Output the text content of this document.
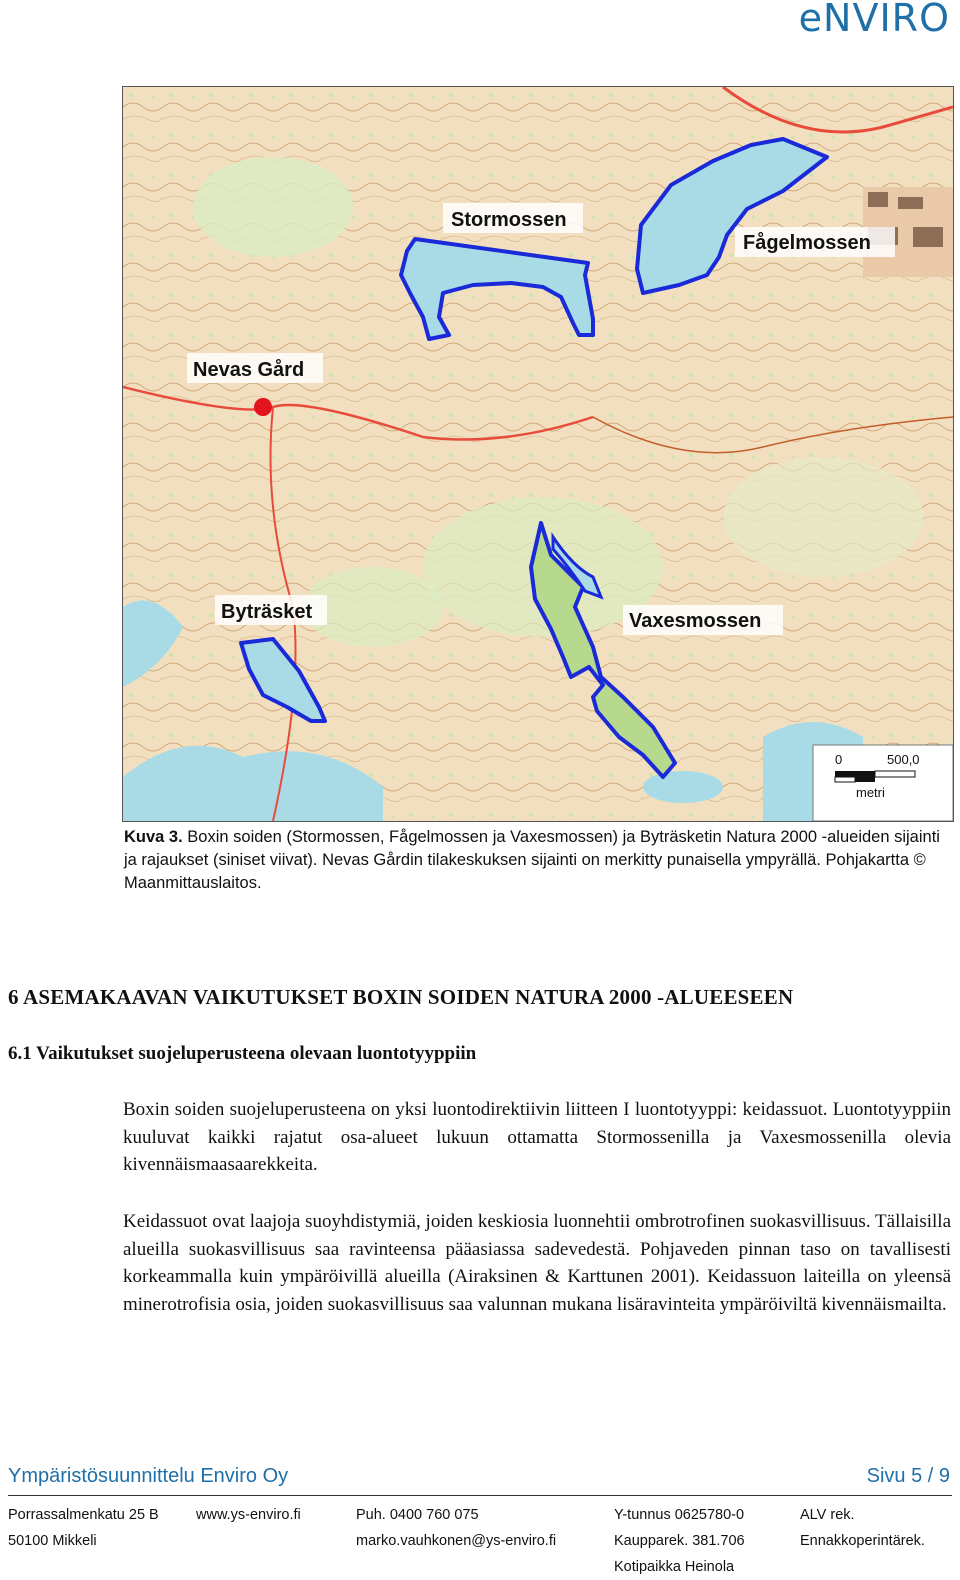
eNVIRO
Stormossen
Fågelmossen
Nevas Gård
Byträsket	Vaxesmossen
0	500,0
metri
Kuva 3. Boxin soiden (Stormossen, Fågelmossen ja Vaxesmossen) ja Byträsketin Natura 2000 -alueiden sijainti ja rajaukset (siniset viivat). Nevas Gårdin tilakeskuksen sijainti on merkitty punaisella ympyrällä. Pohjakartta © Maanmittauslaitos.
6 ASEMAKAAVAN VAIKUTUKSET BOXIN SOIDEN NATURA 2000 -ALUEESEEN
6.1 Vaikutukset suojeluperusteena olevaan luontotyyppiin

Boxin soiden suojeluperusteena on yksi luontodirektiivin liitteen I luontotyyppi: keidassuot. Luontotyyppiin kuuluvat kaikki rajatut osa-alueet lukuun ottamatta Stormossenilla ja Vaxesmossenilla olevia kivennäismaasaarekkeita.

Keidassuot ovat laajoja suoyhdistymiä, joiden keskiosia luonnehtii ombrotrofinen suokasvillisuus. Tällaisilla alueilla suokasvillisuus saa ravinteensa pääasiassa sadevedestä. Pohjaveden pinnan taso on tavallisesti korkeammalla kuin ympäröivillä alueilla (Airaksinen & Karttunen 2001). Keidassuon laiteilla on yleensä minerotrofisia osia, joiden suokasvillisuus saa valunnan mukana lisäravinteita ympäröiviltä kivennäismailta.

Ympäristösuunnittelu Enviro Oy	Sivu 5 / 9
Porrassalmenkatu 25 B
50100 Mikkeli
www.ys-enviro.fi	Puh. 0400 760 075
marko.vauhkonen@ys-enviro.fi
Y-tunnus 0625780-0
Kaupparek. 381.706
Kotipaikka Heinola
ALV rek.
Ennakkoperintärek.
